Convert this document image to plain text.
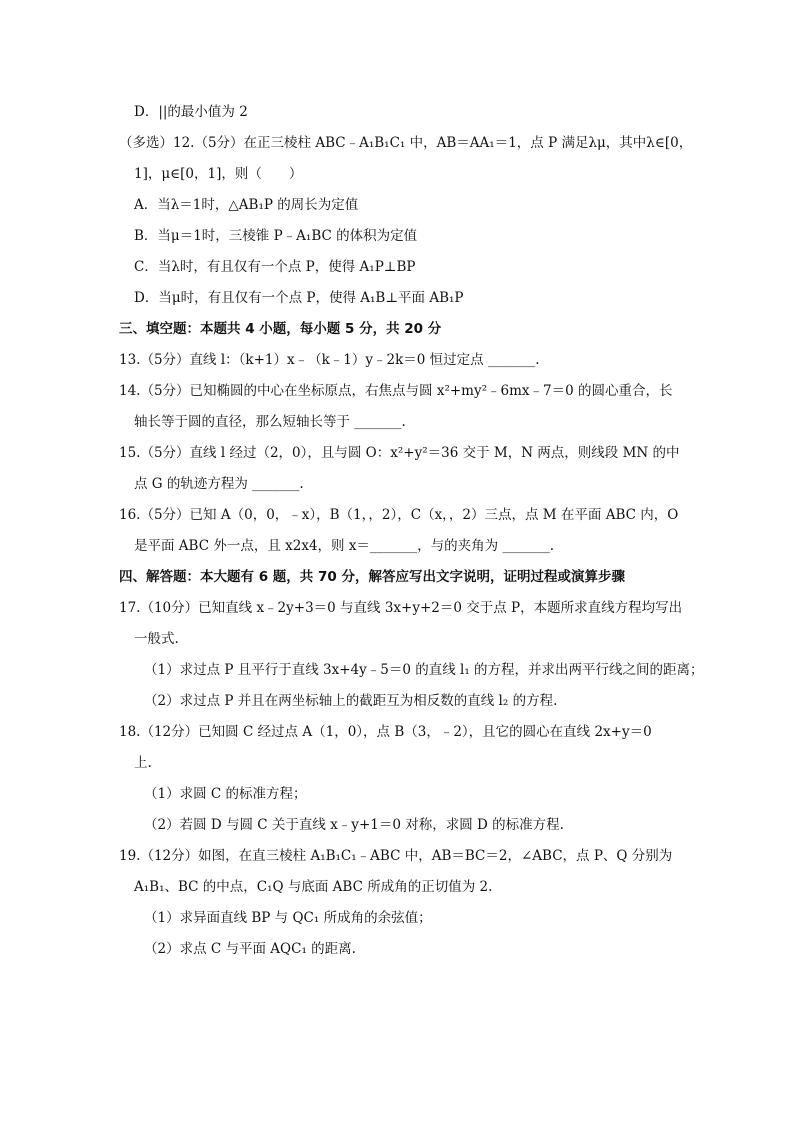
D．||的最小值为 2
（多选）12.（5分）在正三棱柱 ABC﹣A₁B₁C₁ 中，AB＝AA₁＝1，点 P 满足λμ，其中λ∈[0，
1]，μ∈[0，1]，则（　　）
A．当λ＝1时，△AB₁P 的周长为定值
B．当μ＝1时，三棱锥 P﹣A₁BC 的体积为定值
C．当λ时，有且仅有一个点 P，使得 A₁P⊥BP
D．当μ时，有且仅有一个点 P，使得 A₁B⊥平面 AB₁P
三、填空题：本题共 4 小题，每小题 5 分，共 20 分
13.（5分）直线 l：（k+1）x﹣（k﹣1）y﹣2k＝0 恒过定点 _______.
14.（5分）已知椭圆的中心在坐标原点，右焦点与圆 x²+my²﹣6mx﹣7＝0 的圆心重合，长
轴长等于圆的直径，那么短轴长等于 _______.
15.（5分）直线 l 经过（2，0），且与圆 O：x²+y²＝36 交于 M，N 两点，则线段 MN 的中
点 G 的轨迹方程为 _______.
16.（5分）已知 A（0，0，﹣x），B（1，，2），C（x，，2）三点，点 M 在平面 ABC 内，O
是平面 ABC 外一点，且 x2x4，则 x＝_______，与的夹角为 _______.
四、解答题：本大题有 6 题，共 70 分，解答应写出文字说明，证明过程或演算步骤
17.（10分）已知直线 x﹣2y+3＝0 与直线 3x+y+2＝0 交于点 P，本题所求直线方程均写出
一般式.
（1）求过点 P 且平行于直线 3x+4y﹣5＝0 的直线 l₁ 的方程，并求出两平行线之间的距离；
（2）求过点 P 并且在两坐标轴上的截距互为相反数的直线 l₂ 的方程.
18.（12分）已知圆 C 经过点 A（1，0），点 B（3，﹣2），且它的圆心在直线 2x+y＝0
上.
（1）求圆 C 的标准方程；
（2）若圆 D 与圆 C 关于直线 x﹣y+1＝0 对称，求圆 D 的标准方程.
19.（12分）如图，在直三棱柱 A₁B₁C₁﹣ABC 中，AB＝BC＝2，∠ABC，点 P、Q 分别为
A₁B₁、BC 的中点，C₁Q 与底面 ABC 所成角的正切值为 2.
（1）求异面直线 BP 与 QC₁ 所成角的余弦值；
（2）求点 C 与平面 AQC₁ 的距离.
